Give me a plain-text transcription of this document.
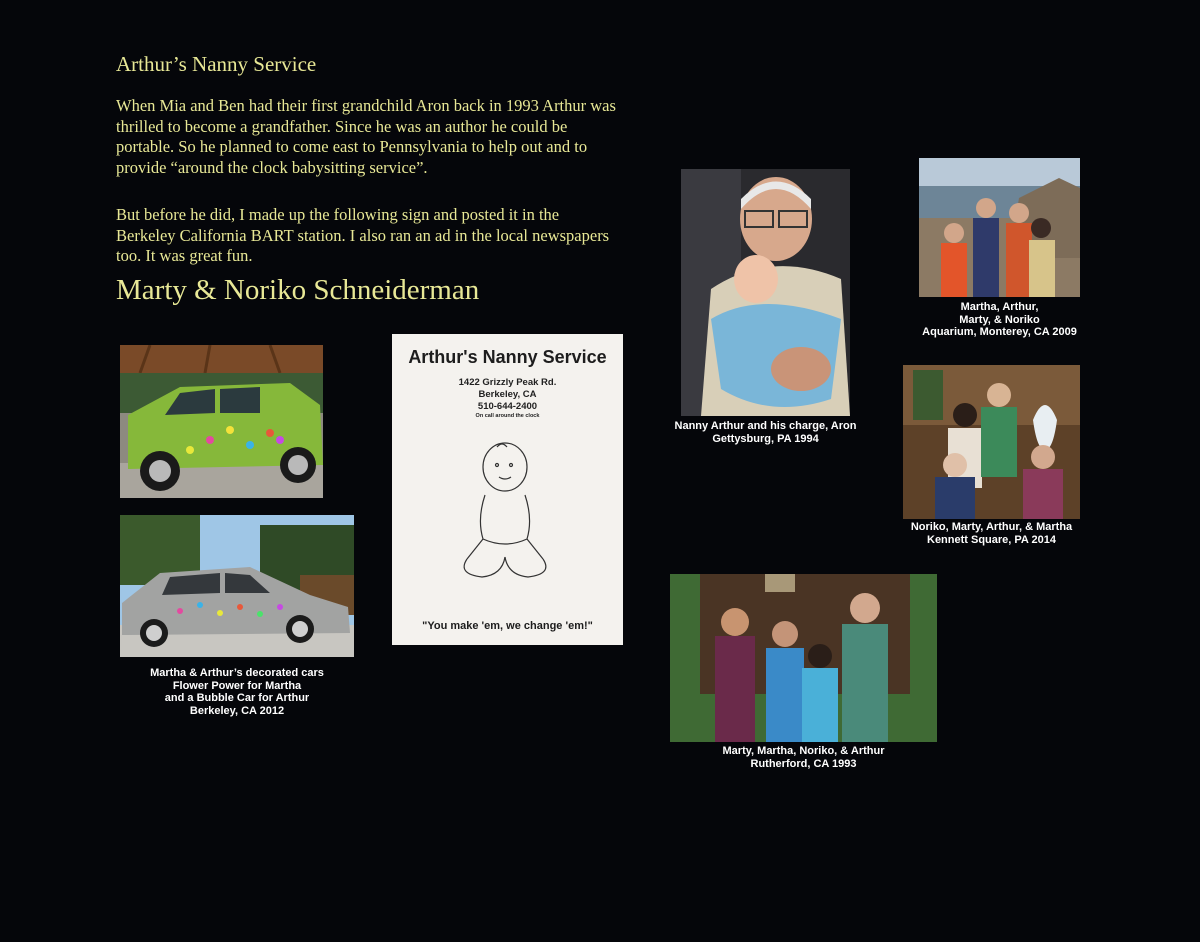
Arthur’s Nanny Service
When Mia and Ben had their first grandchild Aron back in 1993 Arthur was thrilled to become a grandfather. Since he was an author he could be portable. So he planned to come east to Pennsylvania to help out and to provide “around the clock babysitting service”.
But before he did, I made up the following sign and posted it in the Berkeley California BART station. I also ran an ad in the local newspapers too. It was great fun.
Marty & Noriko Schneiderman
Martha & Arthur’s decorated cars
Flower Power for Martha
and a Bubble Car for Arthur
Berkeley, CA 2012
Arthur's Nanny Service
1422 Grizzly Peak Rd.
Berkeley, CA
510-644-2400
On call around the clock
"You make 'em, we change 'em!"
Nanny Arthur and his charge, Aron
Gettysburg, PA 1994
Martha, Arthur,
Marty, & Noriko
Aquarium, Monterey, CA 2009
Noriko, Marty, Arthur, & Martha
Kennett Square, PA 2014
Marty, Martha, Noriko, & Arthur
Rutherford, CA 1993
